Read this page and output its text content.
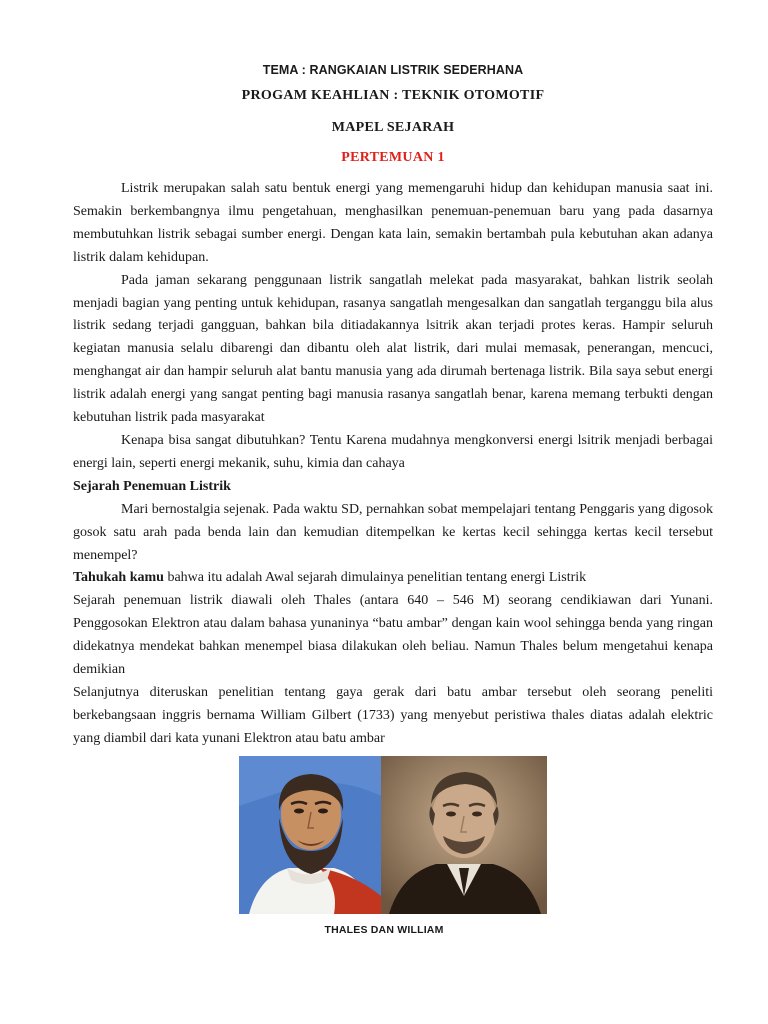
TEMA : RANGKAIAN LISTRIK SEDERHANA
PROGAM KEAHLIAN : TEKNIK OTOMOTIF
MAPEL SEJARAH
PERTEMUAN 1

Listrik merupakan salah satu bentuk energi yang memengaruhi hidup dan kehidupan manusia saat ini. Semakin berkembangnya ilmu pengetahuan, menghasilkan penemuan-penemuan baru yang pada dasarnya membutuhkan listrik sebagai sumber energi. Dengan kata lain, semakin bertambah pula kebutuhan akan adanya listrik dalam kehidupan.

Pada jaman sekarang penggunaan listrik sangatlah melekat pada masyarakat, bahkan listrik seolah menjadi bagian yang penting untuk kehidupan, rasanya sangatlah mengesalkan dan sangatlah terganggu bila alus listrik sedang terjadi gangguan, bahkan bila ditiadakannya lsitrik akan terjadi protes keras. Hampir seluruh kegiatan manusia selalu dibarengi dan dibantu oleh alat listrik, dari mulai memasak, penerangan, mencuci, menghangat air dan hampir seluruh alat bantu manusia yang ada dirumah bertenaga listrik. Bila saya sebut energi listrik adalah energi yang sangat penting bagi manusia rasanya sangatlah benar, karena memang terbukti dengan kebutuhan listrik pada masyarakat

Kenapa bisa sangat dibutuhkan? Tentu Karena mudahnya mengkonversi energi lsitrik menjadi berbagai energi lain, seperti energi mekanik, suhu, kimia dan cahaya

Sejarah Penemuan Listrik

Mari bernostalgia sejenak. Pada waktu SD, pernahkan sobat mempelajari tentang Penggaris yang digosok gosok satu arah pada benda lain dan kemudian ditempelkan ke kertas kecil sehingga kertas kecil tersebut menempel?

Tahukah kamu bahwa itu adalah Awal sejarah dimulainya penelitian tentang energi Listrik

Sejarah penemuan listrik diawali oleh Thales (antara 640 – 546 M) seorang cendikiawan dari Yunani. Penggosokan Elektron atau dalam bahasa yunaninya “batu ambar” dengan kain wool sehingga benda yang ringan didekatnya mendekat bahkan menempel biasa dilakukan oleh beliau. Namun Thales belum mengetahui kenapa demikian

Selanjutnya diteruskan penelitian tentang gaya gerak dari batu ambar tersebut oleh seorang peneliti berkebangsaan inggris bernama William Gilbert (1733) yang menyebut peristiwa thales diatas adalah elektric yang diambil dari kata yunani Elektron atau batu ambar

THALES DAN WILLIAM
